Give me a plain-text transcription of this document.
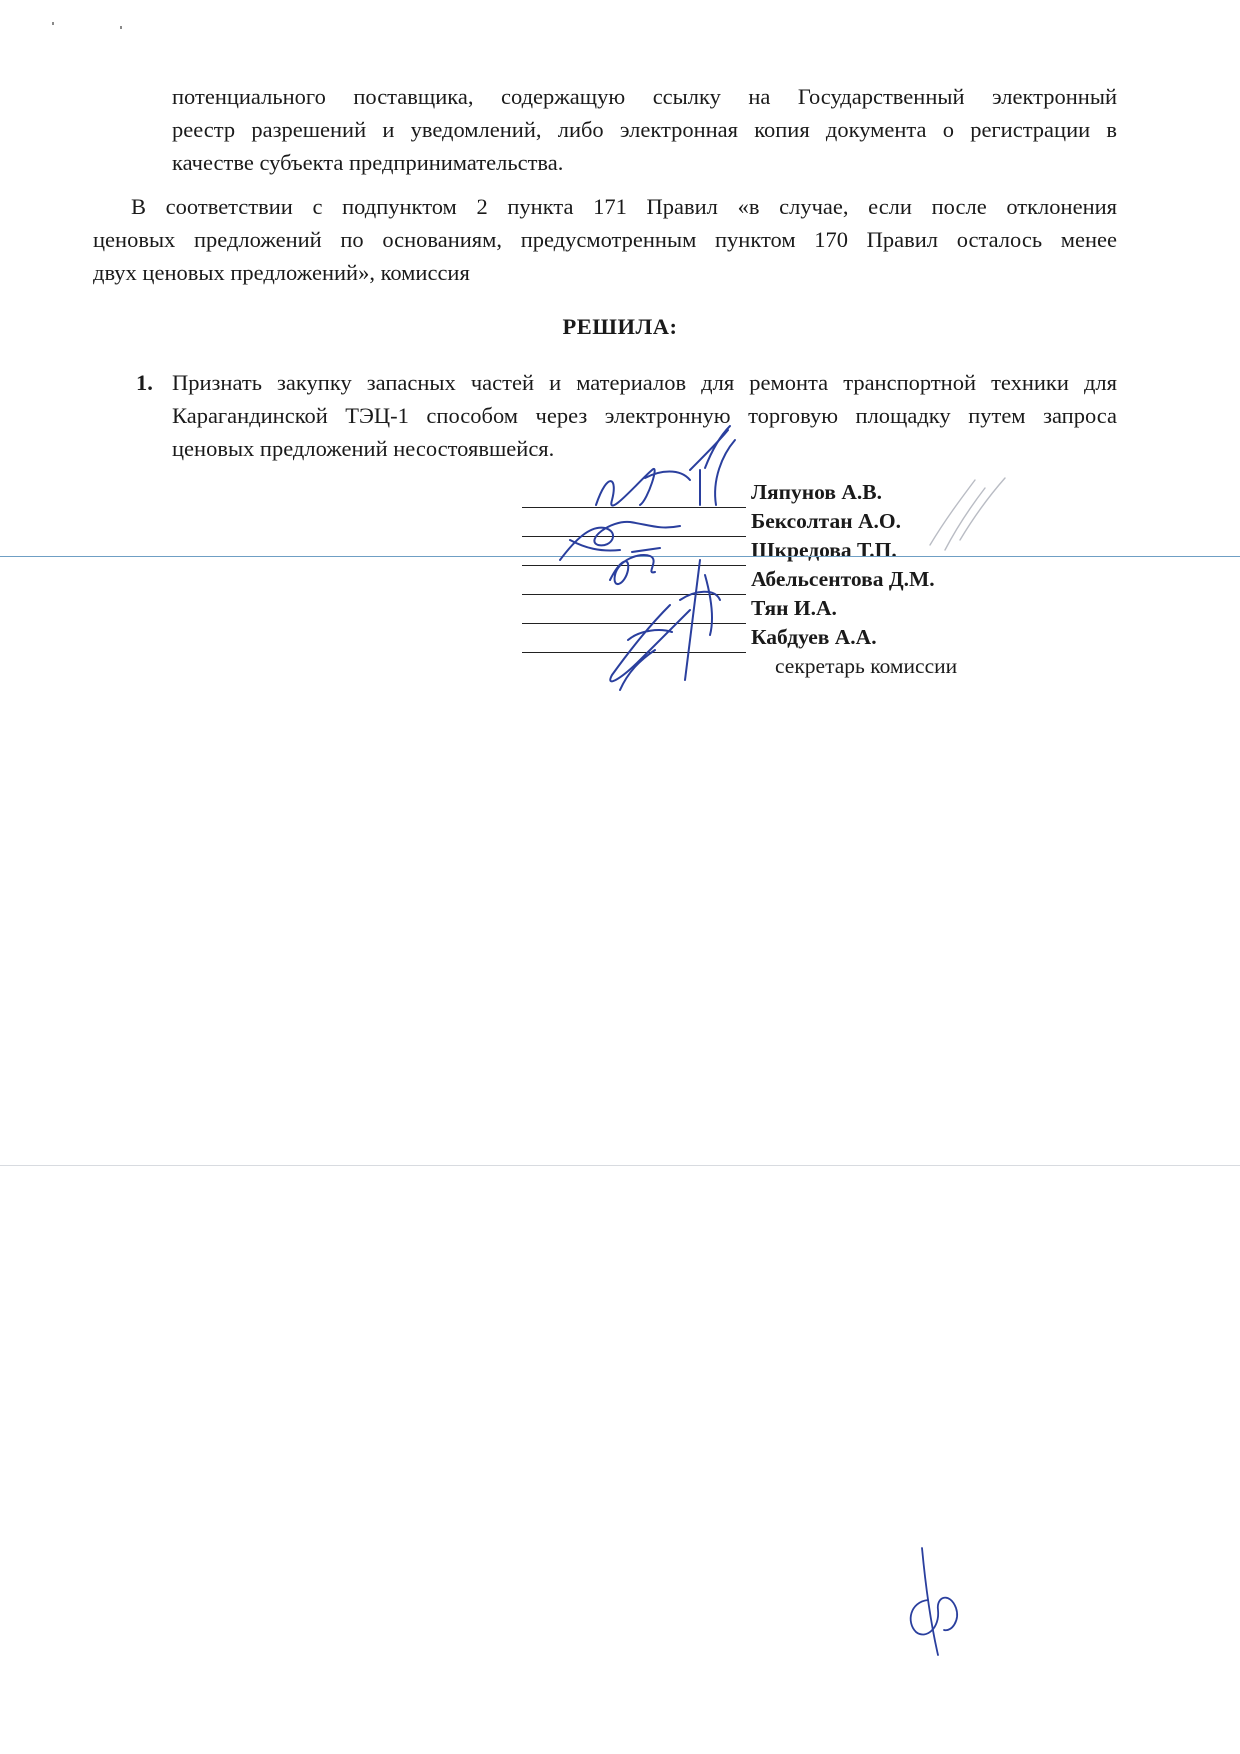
потенциального поставщика, содержащую ссылку на Государственный электронный
реестр разрешений и уведомлений, либо электронная копия документа о регистрации в
качестве субъекта предпринимательства.
В соответствии с подпунктом 2 пункта 171 Правил «в случае, если после отклонения
ценовых предложений по основаниям, предусмотренным пунктом 170 Правил осталось менее
двух ценовых предложений», комиссия
РЕШИЛА:
1. Признать закупку запасных частей и материалов для ремонта транспортной техники для
Карагандинской ТЭЦ-1 способом через электронную торговую площадку путем запроса
ценовых предложений несостоявшейся.
Ляпунов А.В.
Бексолтан А.О.
Шкредова Т.П.
Абельсентова Д.М.
Тян И.А.
Кабдуев А.А.
секретарь комиссии
